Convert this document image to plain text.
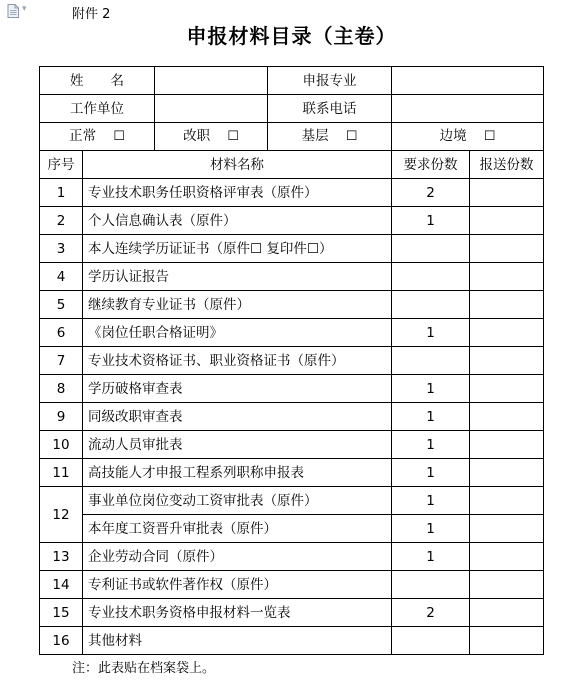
▾	附件 2
申报材料目录（主卷）
姓　　名			申报专业		
工作单位			联系电话		
正常 ☐		改职 ☐	基层 ☐	边境 ☐	
序号	材料名称			要求份数	报送份数
1	专业技术职务任职资格评审表（原件）			2	
2	个人信息确认表（原件）			1	
3	本人连续学历证证书（原件☐ 复印件☐）				
4	学历认证报告				
5	继续教育专业证书（原件）				
6	《岗位任职合格证明》			1	
7	专业技术资格证书、职业资格证书（原件）				
8	学历破格审查表			1	
9	同级改职审查表			1	
10	流动人员审批表			1	
11	高技能人才申报工程系列职称申报表			1	
12	事业单位岗位变动工资审批表（原件）			1	
	本年度工资晋升审批表（原件）			1	
13	企业劳动合同（原件）			1	
14	专利证书或软件著作权（原件）				
15	专业技术职务资格申报材料一览表			2	
16	其他材料				
注：此表贴在档案袋上。
